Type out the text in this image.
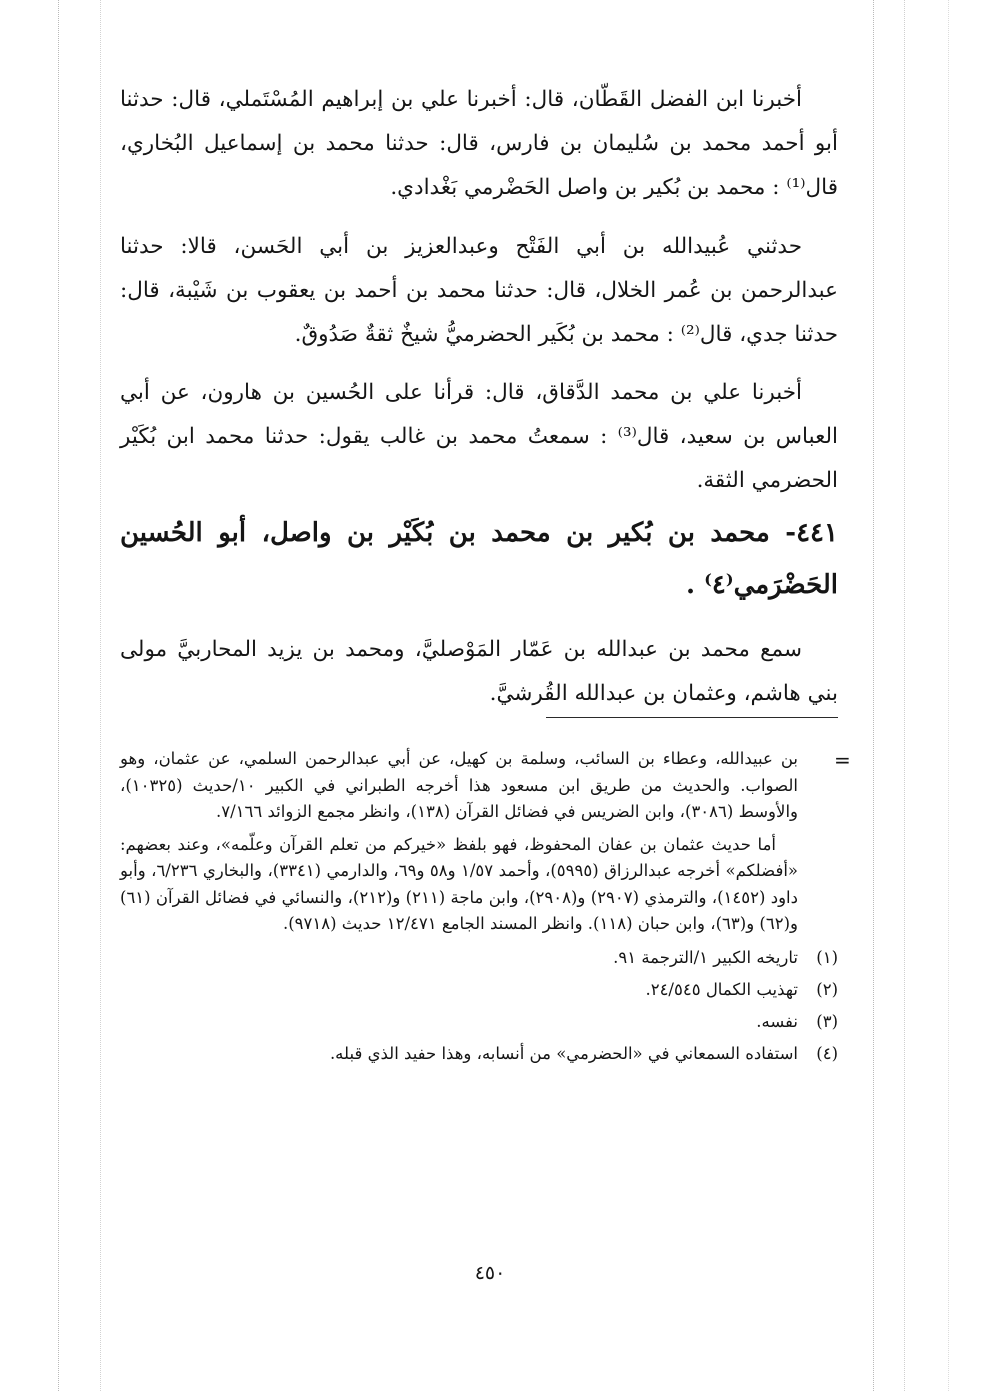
أخبرنا ابن الفضل القَطّان، قال: أخبرنا علي بن إبراهيم المُسْتَملي، قال: حدثنا أبو أحمد محمد بن سُليمان بن فارس، قال: حدثنا محمد بن إسماعيل البُخاري، قال⁽¹⁾ : محمد بن بُكير بن واصل الحَضْرمي بَغْدادي.

حدثني عُبيدالله بن أبي الفَتْح وعبدالعزيز بن أبي الحَسن، قالا: حدثنا عبدالرحمن بن عُمر الخلال، قال: حدثنا محمد بن أحمد بن يعقوب بن شَيْبة، قال: حدثنا جدي، قال⁽²⁾ : محمد بن بُكَير الحضرميُّ شيخٌ ثقةٌ صَدُوقٌ.

أخبرنا علي بن محمد الدَّقاق، قال: قرأنا على الحُسين بن هارون، عن أبي العباس بن سعيد، قال⁽³⁾ : سمعتُ محمد بن غالب يقول: حدثنا محمد ابن بُكَيْر الحضرمي الثقة.

٤٤١- محمد بن بُكير بن محمد بن بُكَيْر بن واصل، أبو الحُسين الحَضْرَمي⁽٤⁾ .

سمع محمد بن عبدالله بن عَمّار المَوْصليَّ، ومحمد بن يزيد المحاربيَّ مولى بني هاشم، وعثمان بن عبدالله القُرشيَّ.

=

بن عبيدالله، وعطاء بن السائب، وسلمة بن كهيل، عن أبي عبدالرحمن السلمي، عن عثمان، وهو الصواب. والحديث من طريق ابن مسعود هذا أخرجه الطبراني في الكبير ١٠/حديث (١٠٣٢٥)، والأوسط (٣٠٨٦)، وابن الضريس في فضائل القرآن (١٣٨)، وانظر مجمع الزوائد ٧/١٦٦.

أما حديث عثمان بن عفان المحفوظ، فهو بلفظ «خيركم من تعلم القرآن وعلّمه»، وعند بعضهم: «أفضلكم» أخرجه عبدالرزاق (٥٩٩٥)، وأحمد ١/٥٧ و٥٨ و٦٩، والدارمي (٣٣٤١)، والبخاري ٦/٢٣٦، وأبو داود (١٤٥٢)، والترمذي (٢٩٠٧) و(٢٩٠٨)، وابن ماجة (٢١١) و(٢١٢)، والنسائي في فضائل القرآن (٦١) و(٦٢) و(٦٣)، وابن حبان (١١٨). وانظر المسند الجامع ١٢/٤٧١ حديث (٩٧١٨).

(١)
تاريخه الكبير ١/الترجمة ٩١.
(٢)
تهذيب الكمال ٢٤/٥٤٥.
(٣)
نفسه.
(٤)
استفاده السمعاني في «الحضرمي» من أنسابه، وهذا حفيد الذي قبله.
٤٥٠
